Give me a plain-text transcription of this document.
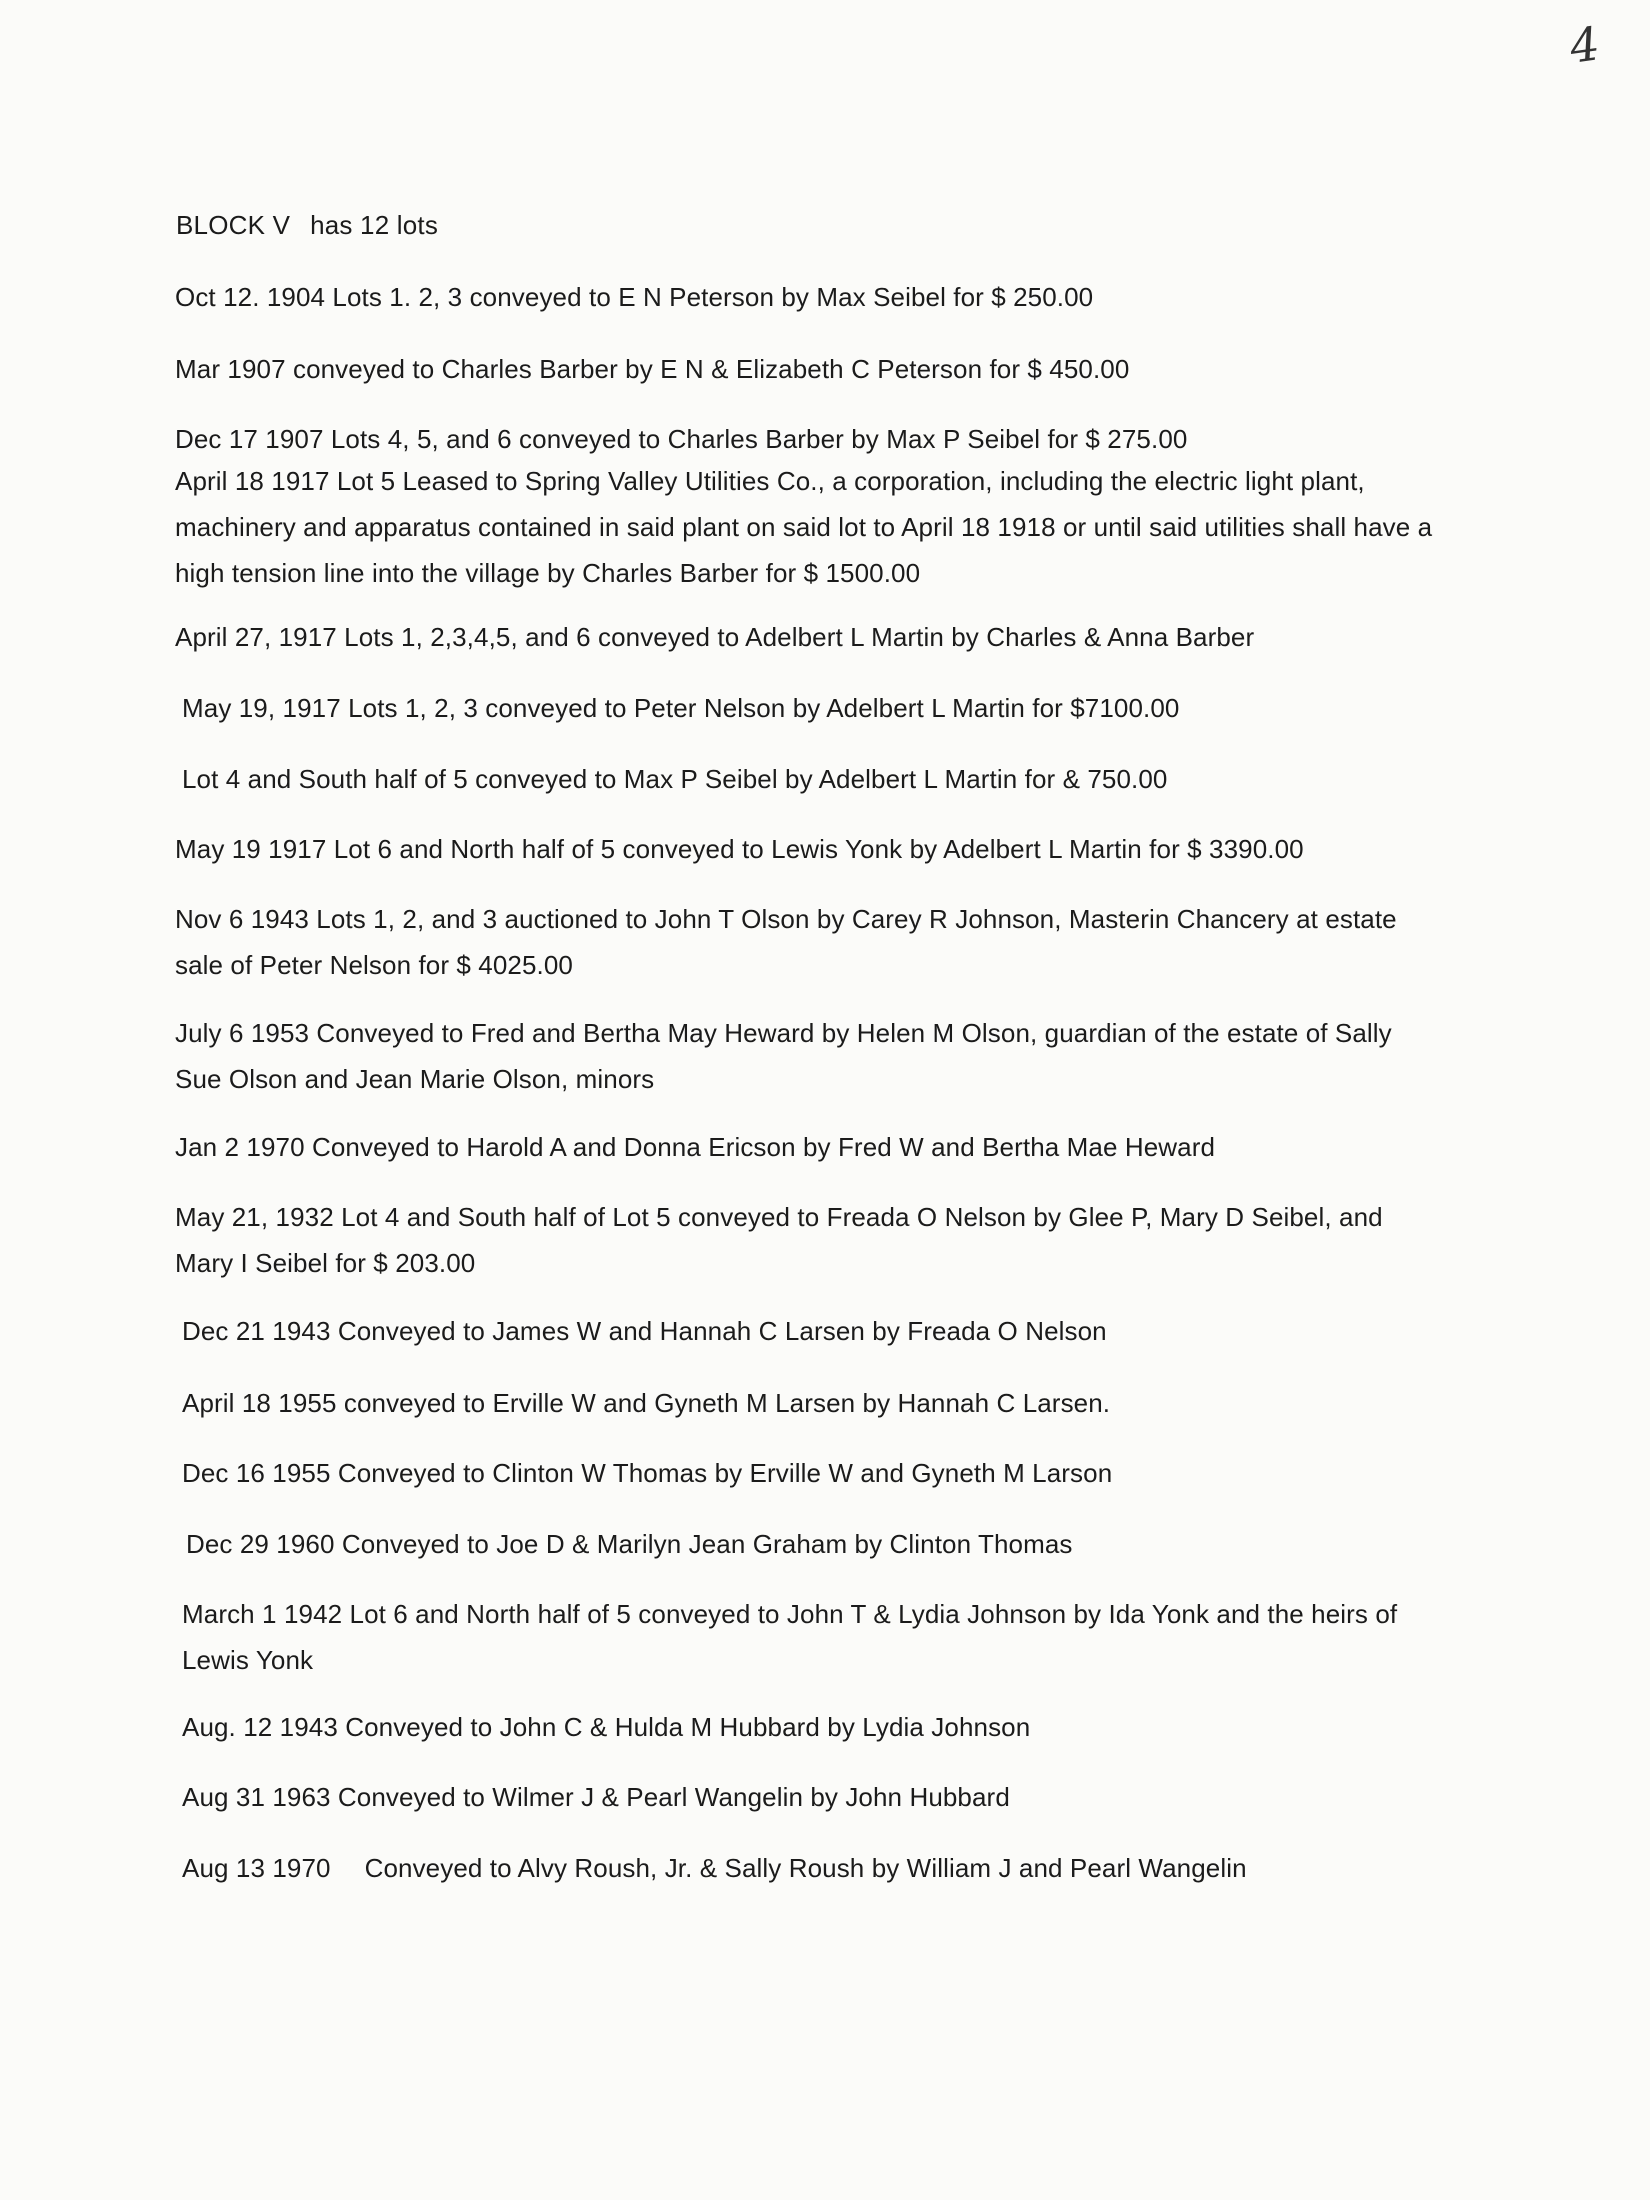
4
BLOCK V has 12 lots
Oct 12. 1904 Lots 1. 2, 3 conveyed to E N Peterson by Max Seibel for $ 250.00
Mar 1907 conveyed to Charles Barber by E N & Elizabeth C Peterson for $ 450.00
Dec 17 1907 Lots 4, 5, and 6 conveyed to Charles Barber by Max P Seibel for $ 275.00
April 18 1917 Lot 5 Leased to Spring Valley Utilities Co., a corporation, including the electric light plant, machinery and apparatus contained in said plant on said lot to April 18 1918 or until said utilities shall have a high tension line into the village by Charles Barber for $ 1500.00
April 27, 1917 Lots 1, 2,3,4,5, and 6 conveyed to Adelbert L Martin by Charles & Anna Barber
May 19, 1917 Lots 1, 2, 3 conveyed to Peter Nelson by Adelbert L Martin for $7100.00
Lot 4 and South half of 5 conveyed to Max P Seibel by Adelbert L Martin for & 750.00
May 19 1917 Lot 6 and North half of 5 conveyed to Lewis Yonk by Adelbert L Martin for $ 3390.00
Nov 6 1943 Lots 1, 2, and 3 auctioned to John T Olson by Carey R Johnson, Masterin Chancery at estate sale of Peter Nelson for $ 4025.00
July 6 1953 Conveyed to Fred and Bertha May Heward by Helen M Olson, guardian of the estate of Sally Sue Olson and Jean Marie Olson, minors
Jan 2 1970 Conveyed to Harold A and Donna Ericson by Fred W and Bertha Mae Heward
May 21, 1932 Lot 4 and South half of Lot 5 conveyed to Freada O Nelson by Glee P, Mary D Seibel, and Mary I Seibel for $ 203.00
Dec 21 1943 Conveyed to James W and Hannah C Larsen by Freada O Nelson
April 18 1955 conveyed to Erville W and Gyneth M Larsen by Hannah C Larsen.
Dec 16 1955 Conveyed to Clinton W Thomas by Erville W and Gyneth M Larson
Dec 29 1960 Conveyed to Joe D & Marilyn Jean Graham by Clinton Thomas
March 1 1942 Lot 6 and North half of 5 conveyed to John T & Lydia Johnson by Ida Yonk and the heirs of Lewis Yonk
Aug. 12 1943 Conveyed to John C & Hulda M Hubbard by Lydia Johnson
Aug 31 1963 Conveyed to Wilmer J & Pearl Wangelin by John Hubbard
Aug 13 1970 Conveyed to Alvy Roush, Jr. & Sally Roush by William J and Pearl Wangelin
